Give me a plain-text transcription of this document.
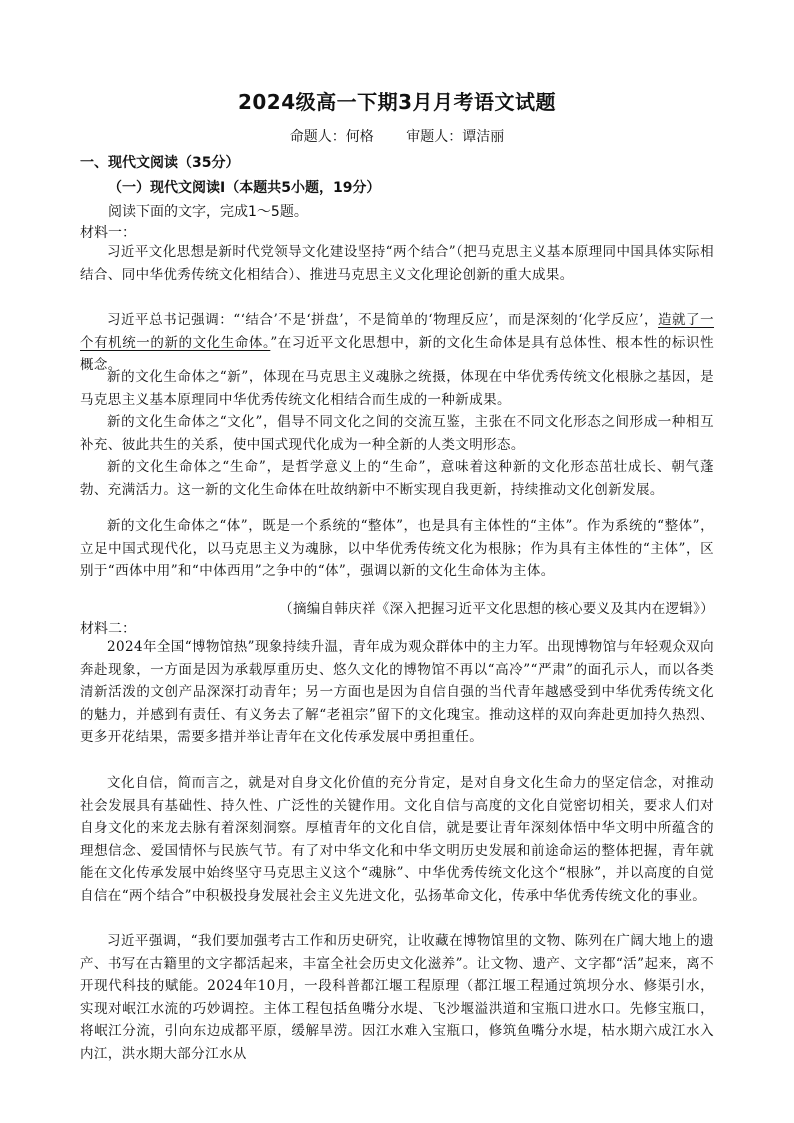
2024级高一下期3月月考语文试题
命题人：何格 审题人：谭洁丽
一、现代文阅读（35分）
（一）现代文阅读Ⅰ（本题共5小题，19分）
阅读下面的文字，完成1～5题。
材料一：
习近平文化思想是新时代党领导文化建设坚持“两个结合”（把马克思主义基本原理同中国具体实际相结合、同中华优秀传统文化相结合）、推进马克思主义文化理论创新的重大成果。
习近平总书记强调：“‘结合’不是‘拼盘’，不是简单的‘物理反应’，而是深刻的‘化学反应’，造就了一个有机统一的新的文化生命体。”在习近平文化思想中，新的文化生命体是具有总体性、根本性的标识性概念。
新的文化生命体之“新”，体现在马克思主义魂脉之统摄，体现在中华优秀传统文化根脉之基因，是马克思主义基本原理同中华优秀传统文化相结合而生成的一种新成果。
新的文化生命体之“文化”，倡导不同文化之间的交流互鉴，主张在不同文化形态之间形成一种相互补充、彼此共生的关系，使中国式现代化成为一种全新的人类文明形态。
新的文化生命体之“生命”，是哲学意义上的“生命”，意味着这种新的文化形态茁壮成长、朝气蓬勃、充满活力。这一新的文化生命体在吐故纳新中不断实现自我更新，持续推动文化创新发展。
新的文化生命体之“体”，既是一个系统的“整体”，也是具有主体性的“主体”。作为系统的“整体”，立足中国式现代化，以马克思主义为魂脉，以中华优秀传统文化为根脉；作为具有主体性的“主体”，区别于“西体中用”和“中体西用”之争中的“体”，强调以新的文化生命体为主体。
（摘编自韩庆祥《深入把握习近平文化思想的核心要义及其内在逻辑》）
材料二：
2024年全国“博物馆热”现象持续升温，青年成为观众群体中的主力军。出现博物馆与年轻观众双向奔赴现象，一方面是因为承载厚重历史、悠久文化的博物馆不再以“高冷”“严肃”的面孔示人，而以各类清新活泼的文创产品深深打动青年；另一方面也是因为自信自强的当代青年越感受到中华优秀传统文化的魅力，并感到有责任、有义务去了解“老祖宗”留下的文化瑰宝。推动这样的双向奔赴更加持久热烈、更多开花结果，需要多措并举让青年在文化传承发展中勇担重任。
文化自信，简而言之，就是对自身文化价值的充分肯定，是对自身文化生命力的坚定信念，对推动社会发展具有基础性、持久性、广泛性的关键作用。文化自信与高度的文化自觉密切相关，要求人们对自身文化的来龙去脉有着深刻洞察。厚植青年的文化自信，就是要让青年深刻体悟中华文明中所蕴含的理想信念、爱国情怀与民族气节。有了对中华文化和中华文明历史发展和前途命运的整体把握，青年就能在文化传承发展中始终坚守马克思主义这个“魂脉”、中华优秀传统文化这个“根脉”，并以高度的自觉自信在“两个结合”中积极投身发展社会主义先进文化，弘扬革命文化，传承中华优秀传统文化的事业。
习近平强调，“我们要加强考古工作和历史研究，让收藏在博物馆里的文物、陈列在广阔大地上的遗产、书写在古籍里的文字都活起来，丰富全社会历史文化滋养”。让文物、遗产、文字都“活”起来，离不开现代科技的赋能。2024年10月，一段科普都江堰工程原理（都江堰工程通过筑坝分水、修渠引水，实现对岷江水流的巧妙调控。主体工程包括鱼嘴分水堤、飞沙堰溢洪道和宝瓶口进水口。先修宝瓶口，将岷江分流，引向东边成都平原，缓解旱涝。因江水难入宝瓶口，修筑鱼嘴分水堤，枯水期六成江水入内江，洪水期大部分江水从
